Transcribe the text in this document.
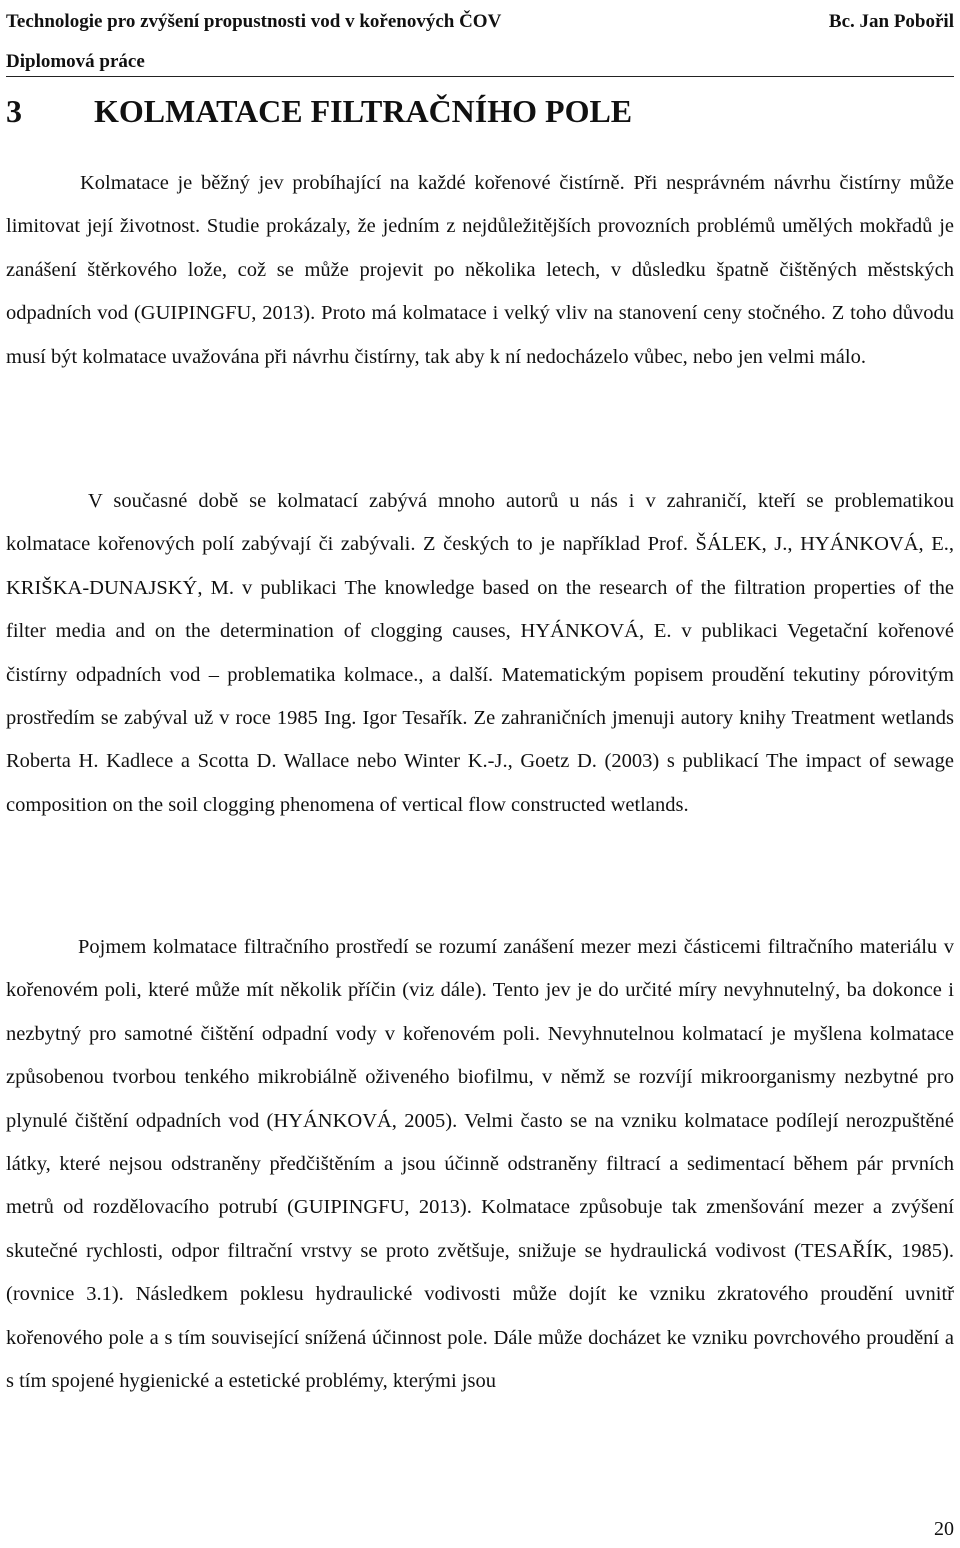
Technologie pro zvýšení propustnosti vod v kořenových ČOV	Bc. Jan Pobořil
Diplomová práce
3 KOLMATACE FILTRAČNÍHO POLE

Kolmatace je běžný jev probíhající na každé kořenové čistírně. Při nesprávném návrhu čistírny může limitovat její životnost. Studie prokázaly, že jedním z nejdůležitějších provozních problémů umělých mokřadů je zanášení štěrkového lože, což se může projevit po několika letech, v důsledku špatně čištěných městských odpadních vod (GUIPINGFU, 2013). Proto má kolmatace i velký vliv na stanovení ceny stočného. Z toho důvodu musí být kolmatace uvažována při návrhu čistírny, tak aby k ní nedocházelo vůbec, nebo jen velmi málo.

V současné době se kolmatací zabývá mnoho autorů u nás i v zahraničí, kteří se problematikou kolmatace kořenových polí zabývají či zabývali. Z českých to je například Prof. ŠÁLEK, J., HYÁNKOVÁ, E., KRIŠKA-DUNAJSKÝ, M. v publikaci The knowledge based on the research of the filtration properties of the filter media and on the determination of clogging causes, HYÁNKOVÁ, E. v publikaci Vegetační kořenové čistírny odpadních vod – problematika kolmace., a další. Matematickým popisem proudění tekutiny pórovitým prostředím se zabýval už v roce 1985 Ing. Igor Tesařík. Ze zahraničních jmenuji autory knihy Treatment wetlands Roberta H. Kadlece a Scotta D. Wallace nebo Winter K.-J., Goetz D. (2003) s publikací The impact of sewage composition on the soil clogging phenomena of vertical flow constructed wetlands.

Pojmem kolmatace filtračního prostředí se rozumí zanášení mezer mezi částicemi filtračního materiálu v kořenovém poli, které může mít několik příčin (viz dále). Tento jev je do určité míry nevyhnutelný, ba dokonce i nezbytný pro samotné čištění odpadní vody v kořenovém poli. Nevyhnutelnou kolmatací je myšlena kolmatace způsobenou tvorbou tenkého mikrobiálně oživeného biofilmu, v němž se rozvíjí mikroorganismy nezbytné pro plynulé čištění odpadních vod (HYÁNKOVÁ, 2005). Velmi často se na vzniku kolmatace podílejí nerozpuštěné látky, které nejsou odstraněny předčištěním a jsou účinně odstraněny filtrací a sedimentací během pár prvních metrů od rozdělovacího potrubí (GUIPINGFU, 2013). Kolmatace způsobuje tak zmenšování mezer a zvýšení skutečné rychlosti, odpor filtrační vrstvy se proto zvětšuje, snižuje se hydraulická vodivost (TESAŘÍK, 1985). (rovnice 3.1). Následkem poklesu hydraulické vodivosti může dojít ke vzniku zkratového proudění uvnitř kořenového pole a s tím související snížená účinnost pole. Dále může docházet ke vzniku povrchového proudění a s tím spojené hygienické a estetické problémy, kterými jsou

20
